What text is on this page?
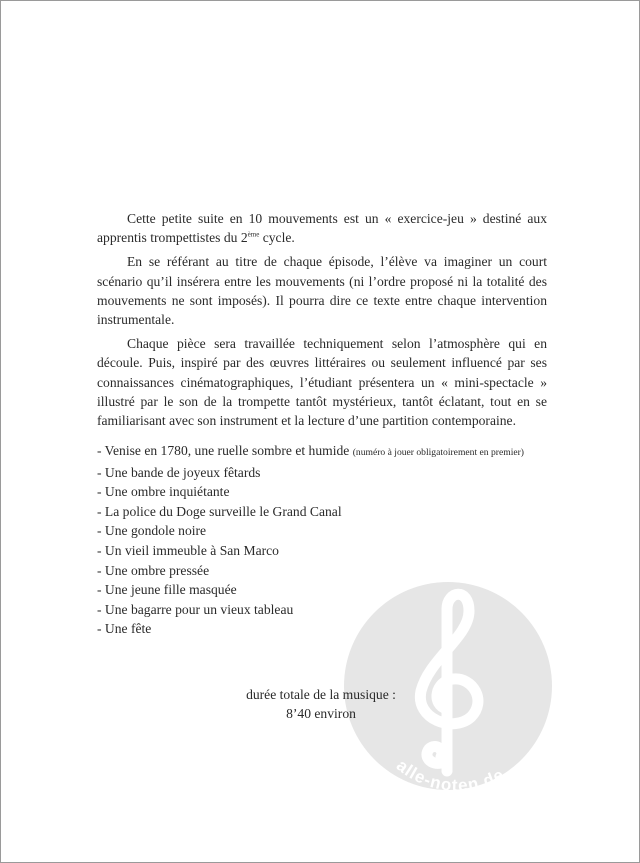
alle-noten.de

Cette petite suite en 10 mouvements est un « exercice-jeu » destiné aux apprentis trompettistes du 2ème cycle.

En se référant au titre de chaque épisode, l’élève va imaginer un court scénario qu’il insérera entre les mouvements (ni l’ordre proposé ni la totalité des mouvements ne sont imposés). Il pourra dire ce texte entre chaque intervention instrumentale.

Chaque pièce sera travaillée techniquement selon l’atmosphère qui en découle. Puis, inspiré par des œuvres littéraires ou seulement influencé par ses connaissances cinématographiques, l’étudiant présentera un « mini-spectacle » illustré par le son de la trompette tantôt mystérieux, tantôt éclatant, tout en se familiarisant avec son instrument et la lecture d’une partition contemporaine.

- Venise en 1780, une ruelle sombre et humide (numéro à jouer obligatoirement en premier)
- Une bande de joyeux fêtards
- Une ombre inquiétante
- La police du Doge surveille le Grand Canal
- Une gondole noire
- Un vieil immeuble à San Marco
- Une ombre pressée
- Une jeune fille masquée
- Une bagarre pour un vieux tableau
- Une fête
durée totale de la musique :
8’40 environ
